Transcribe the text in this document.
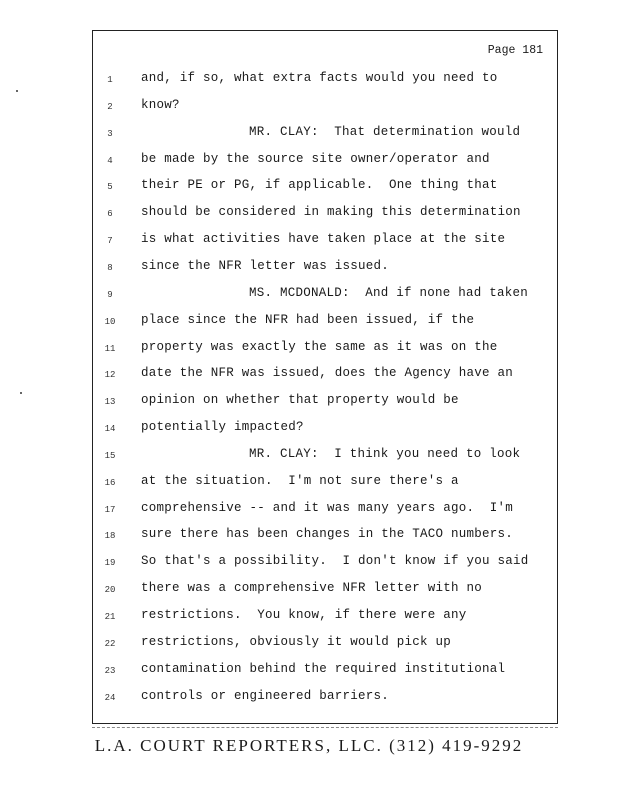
Page 181
1	and, if so, what extra facts would you need to
2	know?
3	MR. CLAY:  That determination would
4	be made by the source site owner/operator and
5	their PE or PG, if applicable.  One thing that
6	should be considered in making this determination
7	is what activities have taken place at the site
8	since the NFR letter was issued.
9	MS. MCDONALD:  And if none had taken
10	place since the NFR had been issued, if the
11	property was exactly the same as it was on the
12	date the NFR was issued, does the Agency have an
13	opinion on whether that property would be
14	potentially impacted?
15	MR. CLAY:  I think you need to look
16	at the situation.  I'm not sure there's a
17	comprehensive -- and it was many years ago.  I'm
18	sure there has been changes in the TACO numbers.
19	So that's a possibility.  I don't know if you said
20	there was a comprehensive NFR letter with no
21	restrictions.  You know, if there were any
22	restrictions, obviously it would pick up
23	contamination behind the required institutional
24	controls or engineered barriers.
L.A. COURT REPORTERS, LLC. (312) 419-9292
